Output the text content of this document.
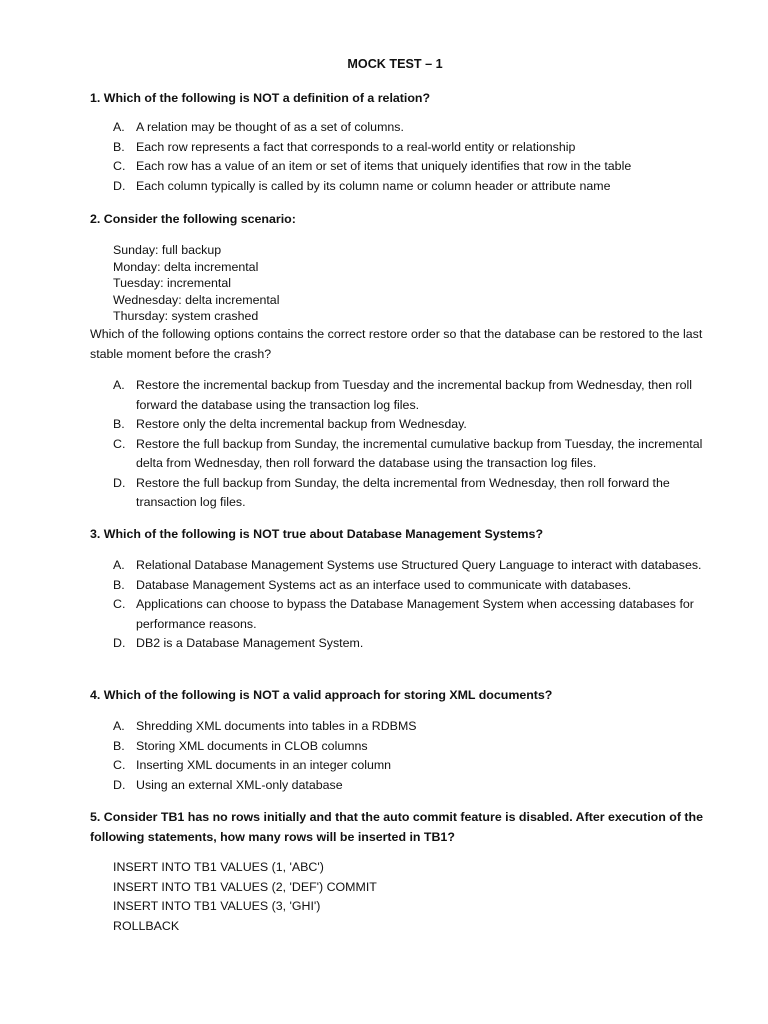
MOCK TEST – 1
1. Which of the following is NOT a definition of a relation?
A. A relation may be thought of as a set of columns.
B. Each row represents a fact that corresponds to a real-world entity or relationship
C. Each row has a value of an item or set of items that uniquely identifies that row in the table
D. Each column typically is called by its column name or column header or attribute name
2. Consider the following scenario:
Sunday: full backup
Monday: delta incremental
Tuesday: incremental
Wednesday: delta incremental
Thursday: system crashed
Which of the following options contains the correct restore order so that the database can be restored to the last stable moment before the crash?
A. Restore the incremental backup from Tuesday and the incremental backup from Wednesday, then roll forward the database using the transaction log files.
B. Restore only the delta incremental backup from Wednesday.
C. Restore the full backup from Sunday, the incremental cumulative backup from Tuesday, the incremental delta from Wednesday, then roll forward the database using the transaction log files.
D. Restore the full backup from Sunday, the delta incremental from Wednesday, then roll forward the transaction log files.
3. Which of the following is NOT true about Database Management Systems?
A. Relational Database Management Systems use Structured Query Language to interact with databases.
B. Database Management Systems act as an interface used to communicate with databases.
C. Applications can choose to bypass the Database Management System when accessing databases for performance reasons.
D. DB2 is a Database Management System.
4. Which of the following is NOT a valid approach for storing XML documents?
A. Shredding XML documents into tables in a RDBMS
B. Storing XML documents in CLOB columns
C. Inserting XML documents in an integer column
D. Using an external XML-only database
5. Consider TB1 has no rows initially and that the auto commit feature is disabled. After execution of the following statements, how many rows will be inserted in TB1?
INSERT INTO TB1 VALUES (1, 'ABC')
INSERT INTO TB1 VALUES (2, 'DEF') COMMIT
INSERT INTO TB1 VALUES (3, 'GHI')
ROLLBACK
